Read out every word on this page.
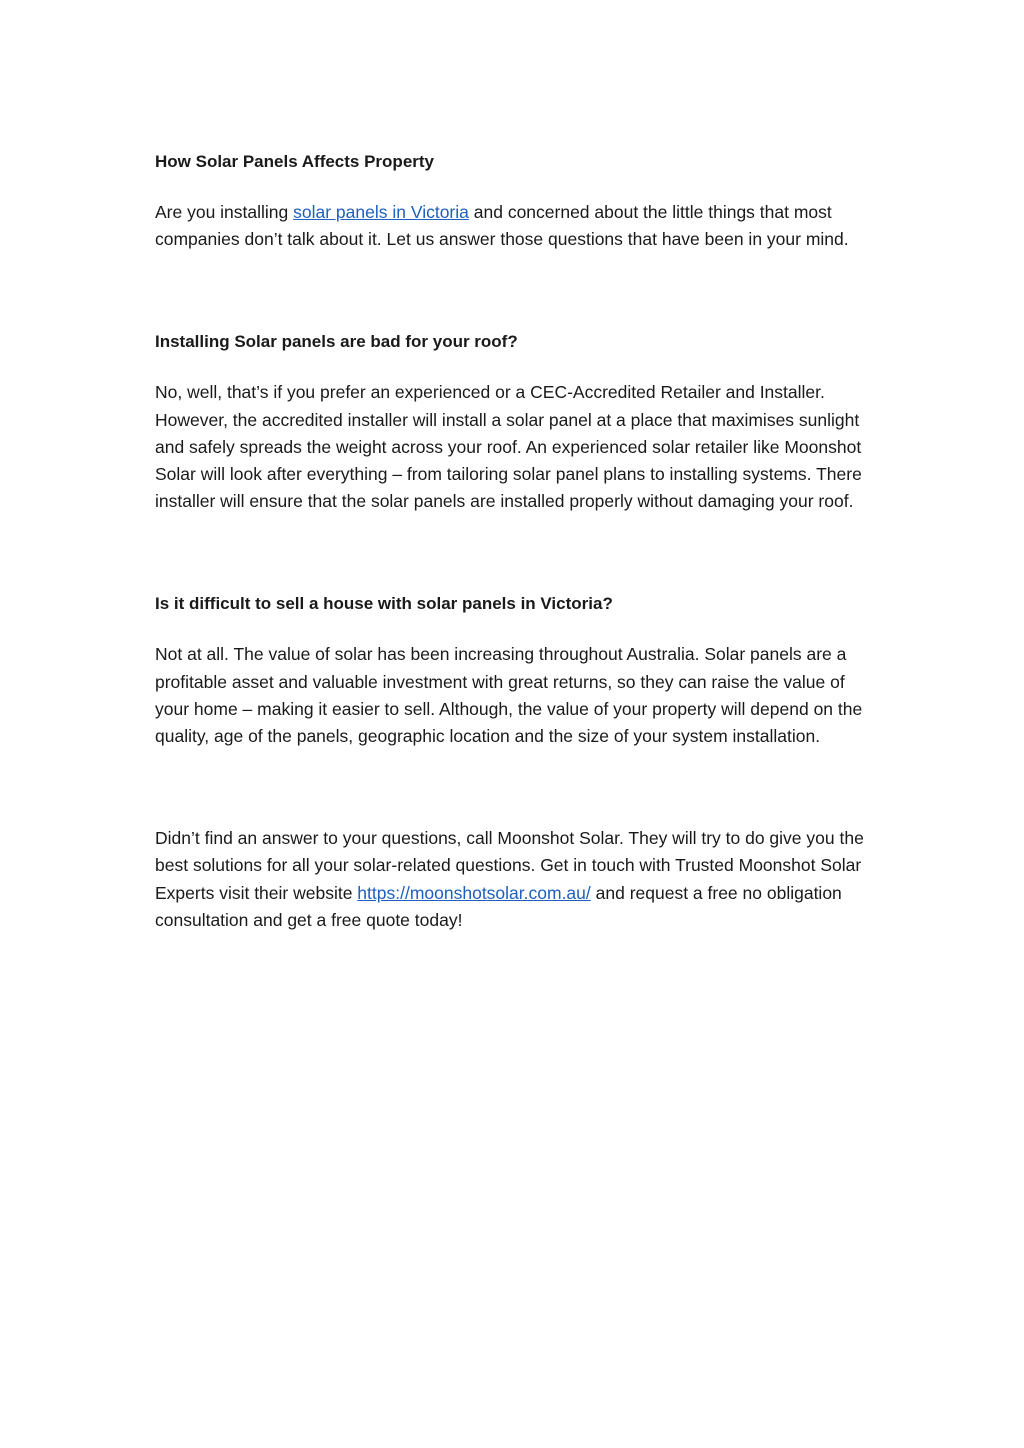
How Solar Panels Affects Property

Are you installing solar panels in Victoria and concerned about the little things that most companies don’t talk about it. Let us answer those questions that have been in your mind.

Installing Solar panels are bad for your roof?

No, well, that’s if you prefer an experienced or a CEC-Accredited Retailer and Installer. However, the accredited installer will install a solar panel at a place that maximises sunlight and safely spreads the weight across your roof. An experienced solar retailer like Moonshot Solar will look after everything – from tailoring solar panel plans to installing systems. There installer will ensure that the solar panels are installed properly without damaging your roof.

Is it difficult to sell a house with solar panels in Victoria?

Not at all. The value of solar has been increasing throughout Australia. Solar panels are a profitable asset and valuable investment with great returns, so they can raise the value of your home – making it easier to sell. Although, the value of your property will depend on the quality, age of the panels, geographic location and the size of your system installation.

Didn’t find an answer to your questions, call Moonshot Solar. They will try to do give you the best solutions for all your solar-related questions. Get in touch with Trusted Moonshot Solar Experts visit their website https://moonshotsolar.com.au/ and request a free no obligation consultation and get a free quote today!
